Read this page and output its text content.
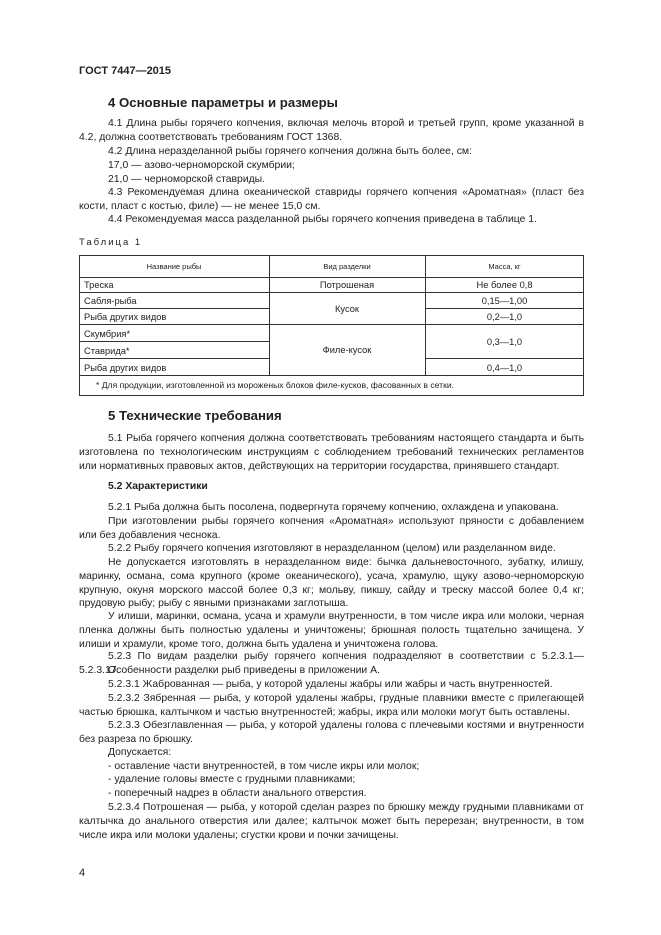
ГОСТ 7447—2015
4 Основные параметры и размеры

4.1 Длина рыбы горячего копчения, включая мелочь второй и третьей групп, кроме указанной в 4.2, должна соответствовать требованиям ГОСТ 1368.

4.2 Длина неразделанной рыбы горячего копчения должна быть более, см:

17,0 — азово-черноморской скумбрии;

21,0 — черноморской ставриды.

4.3 Рекомендуемая длина океанической ставриды горячего копчения «Ароматная» (пласт без кости, пласт с костью, филе) — не менее 15,0 см.

4.4 Рекомендуемая масса разделанной рыбы горячего копчения приведена в таблице 1.

Таблица 1
Название рыбы	Вид разделки	Масса, кг
Треска
Сабля-рыба
Рыба других видов
Скумбрия*
Ставрида*
Рыба других видов
Потрошеная
Кусок
Филе-кусок
Не более 0,8
0,15—1,00
0,2—1,0
0,3—1,0
0,4—1,0
* Для продукции, изготовленной из мороженых блоков филе-кусков, фасованных в сетки.
5 Технические требования

5.1 Рыба горячего копчения должна соответствовать требованиям настоящего стандарта и быть изготовлена по технологическим инструкциям с соблюдением требований технических регламентов или нормативных правовых актов, действующих на территории государства, принявшего стандарт.

5.2 Характеристики

5.2.1 Рыба должна быть посолена, подвергнута горячему копчению, охлаждена и упакована.

При изготовлении рыбы горячего копчения «Ароматная» используют пряности с добавлением или без добавления чеснока.

5.2.2 Рыбу горячего копчения изготовляют в неразделанном (целом) или разделанном виде.

Не допускается изготовлять в неразделанном виде: бычка дальневосточного, зубатку, илишу, маринку, османа, сома крупного (кроме океанического), усача, храмулю, щуку азово-черноморскую крупную, окуня морского массой более 0,3 кг; мольву, пикшу, сайду и треску массой более 0,4 кг; прудовую рыбу; рыбу с явными признаками заглотыша.

У илиши, маринки, османа, усача и храмули внутренности, в том числе икра или молоки, черная пленка должны быть полностью удалены и уничтожены; брюшная полость тщательно зачищена. У илиши и храмули, кроме того, должна быть удалена и уничтожена голова.

5.2.3 По видам разделки рыбу горячего копчения подразделяют в соответствии с 5.2.3.1—5.2.3.17.

Особенности разделки рыб приведены в приложении А.

5.2.3.1 Жаброванная — рыба, у которой удалены жабры или жабры и часть внутренностей.

5.2.3.2 Зябренная — рыба, у которой удалены жабры, грудные плавники вместе с прилегающей частью брюшка, калтычком и частью внутренностей; жабры, икра или молоки могут быть оставлены.

5.2.3.3 Обезглавленная — рыба, у которой удалены голова с плечевыми костями и внутренности без разреза по брюшку.

Допускается:

- оставление части внутренностей, в том числе икры или молок;

- удаление головы вместе с грудными плавниками;

- поперечный надрез в области анального отверстия.

5.2.3.4 Потрошеная — рыба, у которой сделан разрез по брюшку между грудными плавниками от калтычка до анального отверстия или далее; калтычок может быть перерезан; внутренности, в том числе икра или молоки удалены; сгустки крови и почки зачищены.

4
